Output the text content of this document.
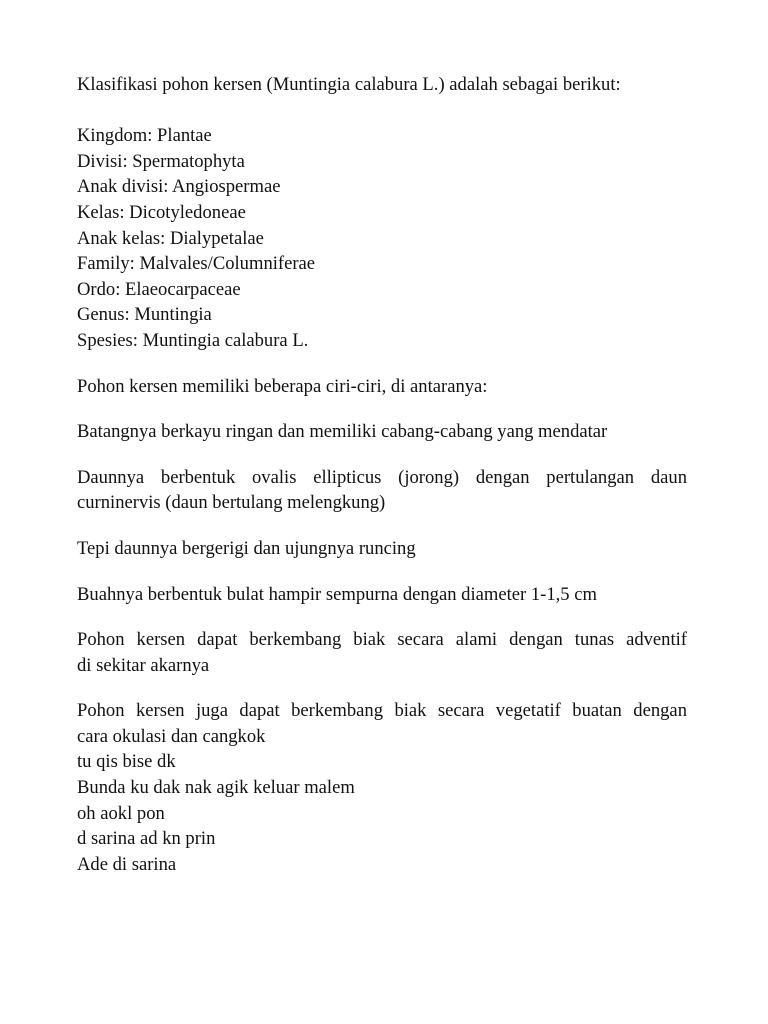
Klasifikasi pohon kersen (Muntingia calabura L.) adalah sebagai berikut:

Kingdom: Plantae

Divisi: Spermatophyta

Anak divisi: Angiospermae

Kelas: Dicotyledoneae

Anak kelas: Dialypetalae

Family: Malvales/Columniferae

Ordo: Elaeocarpaceae

Genus: Muntingia

Spesies: Muntingia calabura L.

Pohon kersen memiliki beberapa ciri-ciri, di antaranya:

Batangnya berkayu ringan dan memiliki cabang-cabang yang mendatar

Daunnya berbentuk ovalis ellipticus (jorong) dengan pertulangan daun

curninervis (daun bertulang melengkung)

Tepi daunnya bergerigi dan ujungnya runcing

Buahnya berbentuk bulat hampir sempurna dengan diameter 1-1,5 cm

Pohon kersen dapat berkembang biak secara alami dengan tunas adventif

di sekitar akarnya

Pohon kersen juga dapat berkembang biak secara vegetatif buatan dengan

cara okulasi dan cangkok

tu qis bise dk

Bunda ku dak nak agik keluar malem

oh aokl pon

d sarina ad kn prin

Ade di sarina
